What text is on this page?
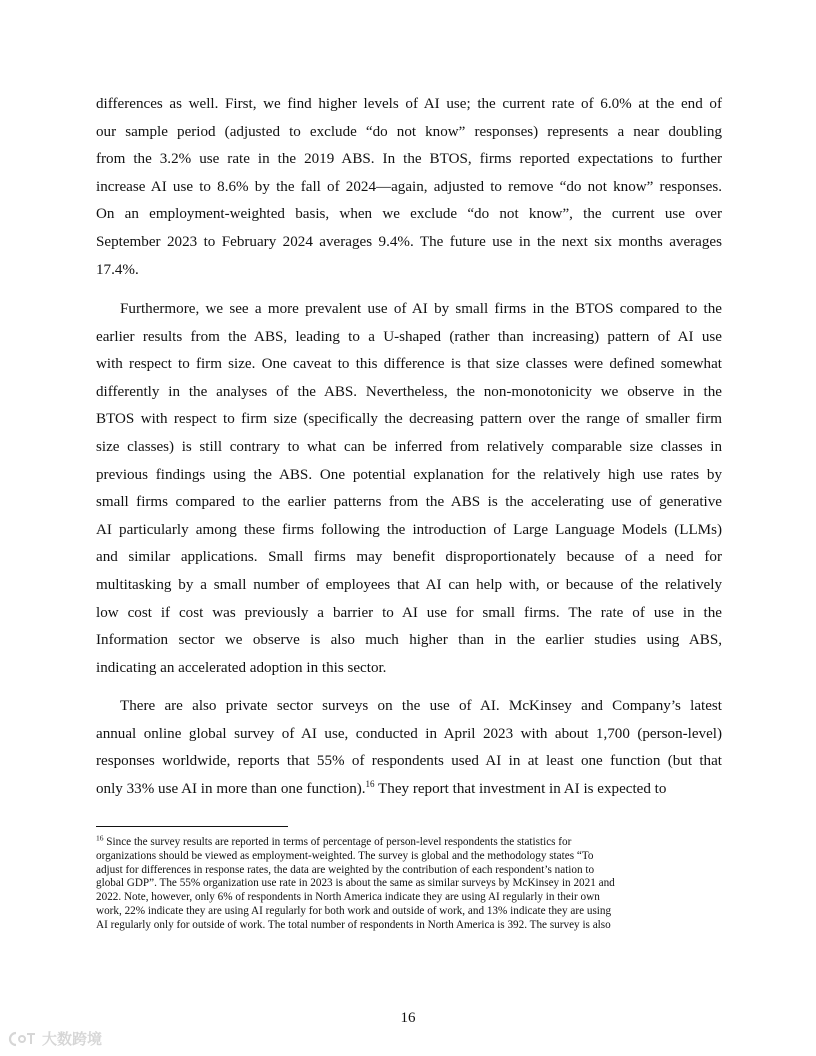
differences as well. First, we find higher levels of AI use; the current rate of 6.0% at the end of
our sample period (adjusted to exclude “do not know” responses) represents a near doubling
from the 3.2% use rate in the 2019 ABS. In the BTOS, firms reported expectations to further
increase AI use to 8.6% by the fall of 2024—again, adjusted to remove “do not know” responses.
On an employment-weighted basis, when we exclude “do not know”, the current use over
September 2023 to February 2024 averages 9.4%. The future use in the next six months averages
17.4%.
Furthermore, we see a more prevalent use of AI by small firms in the BTOS compared to the
earlier results from the ABS, leading to a U-shaped (rather than increasing) pattern of AI use
with respect to firm size. One caveat to this difference is that size classes were defined somewhat
differently in the analyses of the ABS. Nevertheless, the non-monotonicity we observe in the
BTOS with respect to firm size (specifically the decreasing pattern over the range of smaller firm
size classes) is still contrary to what can be inferred from relatively comparable size classes in
previous findings using the ABS. One potential explanation for the relatively high use rates by
small firms compared to the earlier patterns from the ABS is the accelerating use of generative
AI particularly among these firms following the introduction of Large Language Models (LLMs)
and similar applications. Small firms may benefit disproportionately because of a need for
multitasking by a small number of employees that AI can help with, or because of the relatively
low cost if cost was previously a barrier to AI use for small firms. The rate of use in the
Information sector we observe is also much higher than in the earlier studies using ABS,
indicating an accelerated adoption in this sector.
There are also private sector surveys on the use of AI. McKinsey and Company’s latest
annual online global survey of AI use, conducted in April 2023 with about 1,700 (person-level)
responses worldwide, reports that 55% of respondents used AI in at least one function (but that
only 33% use AI in more than one function).$^{16}$ They report that investment in AI is expected to
$^{16}$ Since the survey results are reported in terms of percentage of person-level respondents the statistics for
organizations should be viewed as employment-weighted. The survey is global and the methodology states “To
adjust for differences in response rates, the data are weighted by the contribution of each respondent’s nation to
global GDP”. The 55% organization use rate in 2023 is about the same as similar surveys by McKinsey in 2021 and
2022. Note, however, only 6% of respondents in North America indicate they are using AI regularly in their own
work, 22% indicate they are using AI regularly for both work and outside of work, and 13% indicate they are using
AI regularly only for outside of work. The total number of respondents in North America is 392. The survey is also
16
大数跨境
